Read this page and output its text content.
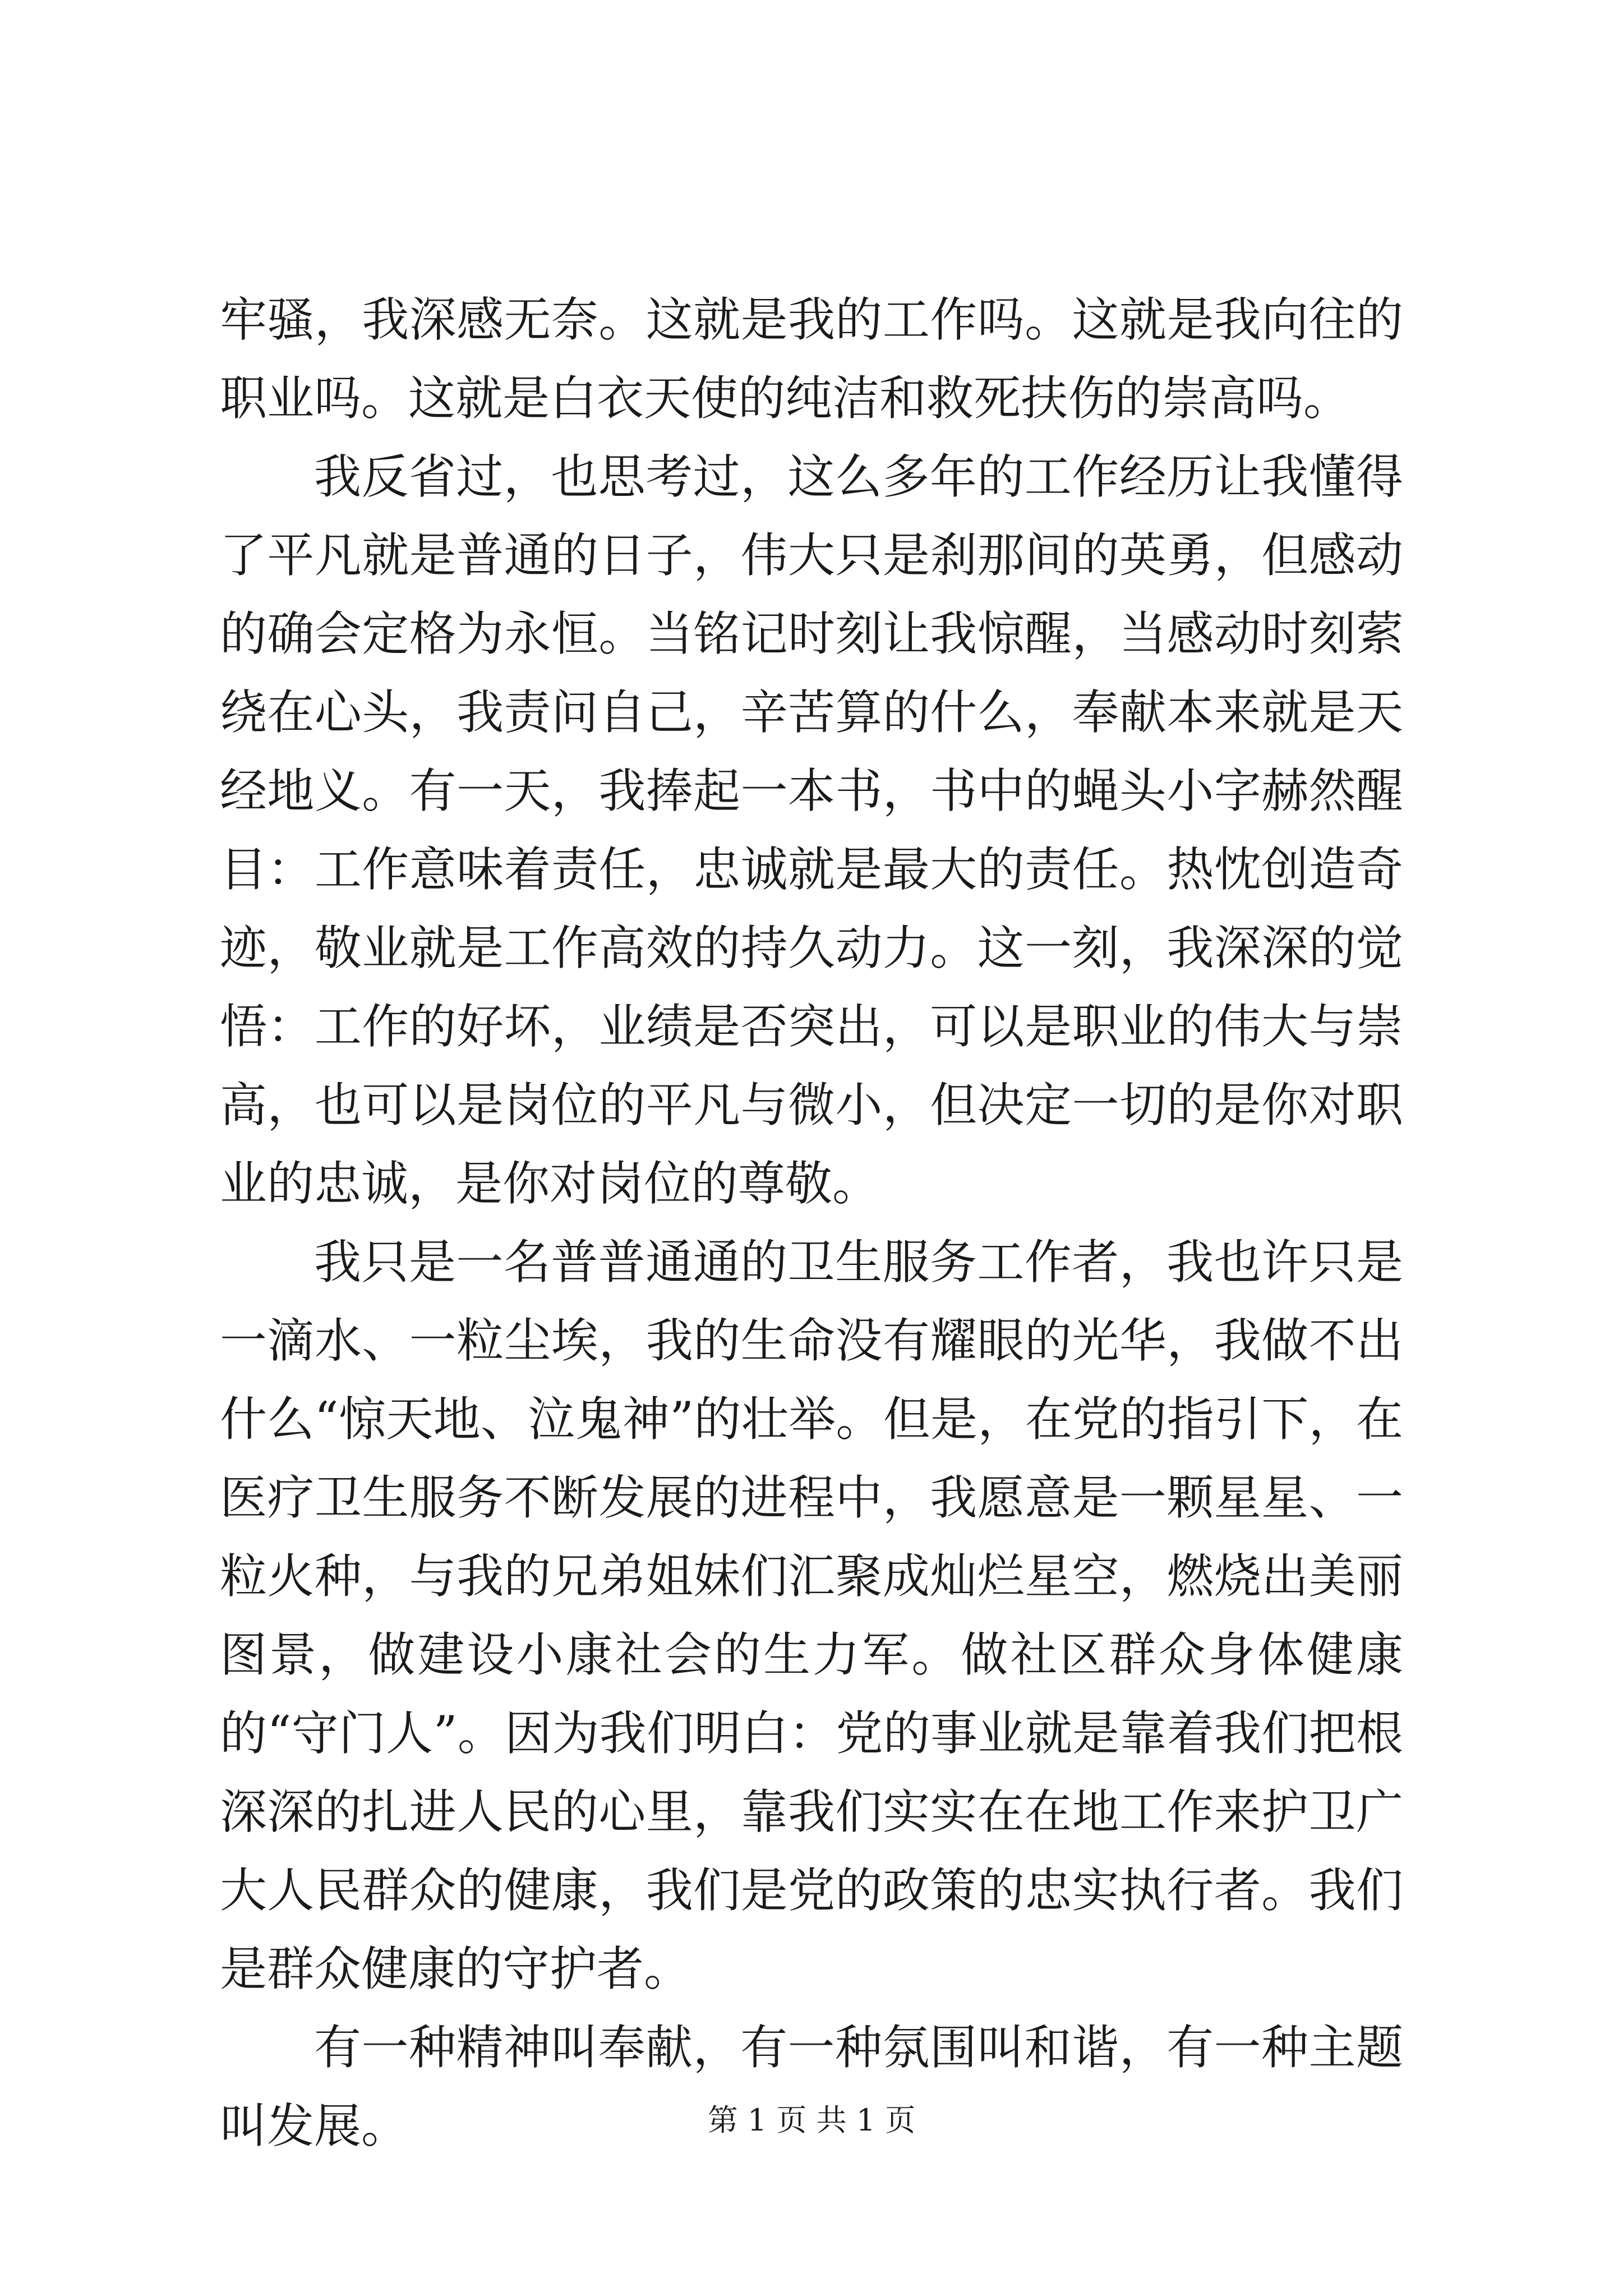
牢骚，我深感无奈。这就是我的工作吗。这就是我向往的职业吗。这就是白衣天使的纯洁和救死扶伤的崇高吗。

我反省过，也思考过，这么多年的工作经历让我懂得了平凡就是普通的日子，伟大只是刹那间的英勇，但感动的确会定格为永恒。当铭记时刻让我惊醒，当感动时刻萦绕在心头，我责问自己，辛苦算的什么，奉献本来就是天经地义。有一天，我捧起一本书，书中的蝇头小字赫然醒目：工作意味着责任，忠诚就是最大的责任。热忱创造奇迹，敬业就是工作高效的持久动力。这一刻，我深深的觉悟：工作的好坏，业绩是否突出，可以是职业的伟大与崇高，也可以是岗位的平凡与微小，但决定一切的是你对职业的忠诚，是你对岗位的尊敬。

我只是一名普普通通的卫生服务工作者，我也许只是一滴水、一粒尘埃，我的生命没有耀眼的光华，我做不出什么“惊天地、泣鬼神”的壮举。但是，在党的指引下，在医疗卫生服务不断发展的进程中，我愿意是一颗星星、一粒火种，与我的兄弟姐妹们汇聚成灿烂星空，燃烧出美丽图景，做建设小康社会的生力军。做社区群众身体健康的“守门人”。因为我们明白：党的事业就是靠着我们把根深深的扎进人民的心里，靠我们实实在在地工作来护卫广大人民群众的健康，我们是党的政策的忠实执行者。我们是群众健康的守护者。

有一种精神叫奉献，有一种氛围叫和谐，有一种主题叫发展。	第 1 页 共 1 页
